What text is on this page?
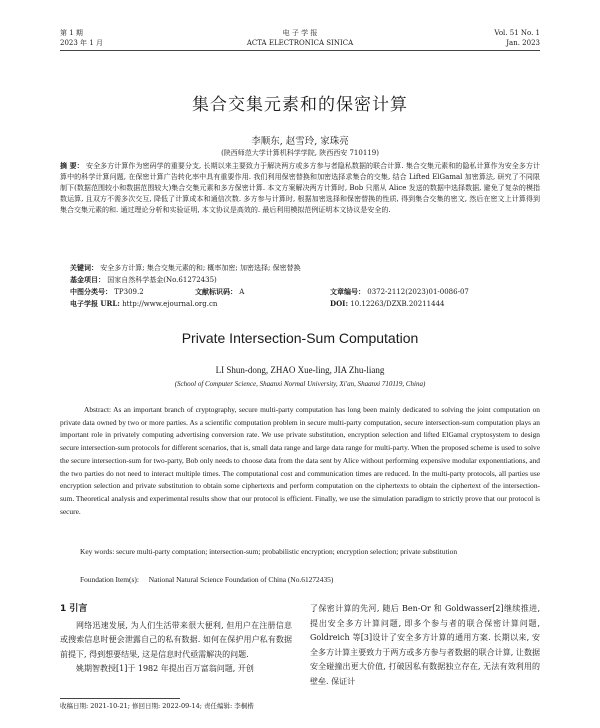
第 1 期
2023 年 1 月
电 子 学 报
ACTA ELECTRONICA SINICA
Vol. 51 No. 1
Jan. 2023
集合交集元素和的保密计算
李顺东, 赵雪玲, 家珠亮
(陕西师范大学计算机科学学院, 陕西西安 710119)

摘 要： 安全多方计算作为密码学的重要分支, 长期以来主要致力于解决两方或多方参与者隐私数据的联合计算. 集合交集元素和的隐私计算作为安全多方计算中的科学计算问题, 在保密计算广告转化率中具有重要作用. 我们利用保密替换和加密选择求集合的交集, 结合 Lifted ElGamal 加密算法, 研究了不同限制下(数据范围较小和数据范围较大)集合交集元素和多方保密计算. 本文方案解决两方计算时, Bob 只需从 Alice 发送的数据中选择数据, 避免了复杂的模指数运算, 且双方不需多次交互, 降低了计算成本和通信次数. 多方参与计算时, 根据加密选择和保密替换的性质, 得到集合交集的密文, 然后在密文上计算得到集合交集元素的和. 通过理论分析和实验证明, 本文协议是高效的. 最后利用模拟范例证明本文协议是安全的.

关键词： 安全多方计算; 集合交集元素的和; 概率加密; 加密选择; 保密替换
基金项目： 国家自然科学基金(No.61272435)
中图分类号： TP309.2	文献标识码： A	文章编号： 0372-2112(2023)01-0086-07
电子学报 URL: http://www.ejournal.org.cn	DOI: 10.12263/DZXB.20211444
Private Intersection-Sum Computation
LI Shun-dong, ZHAO Xue-ling, JIA Zhu-liang
(School of Computer Science, Shaanxi Normal University, Xi'an, Shaanxi 710119, China)

Abstract: As an important branch of cryptography, secure multi-party computation has long been mainly dedicated to solving the joint computation on private data owned by two or more parties. As a scientific computation problem in secure multi-party computation, secure intersection-sum computation plays an important role in privately computing advertising conversion rate. We use private substitution, encryption selection and lifted ElGamal cryptosystem to design secure intersection-sum protocols for different scenarios, that is, small data range and large data range for multi-party. When the proposed scheme is used to solve the secure intersection-sum for two-party, Bob only needs to choose data from the data sent by Alice without performing expensive modular exponentiations, and the two parties do not need to interact multiple times. The computational cost and communication times are reduced. In the multi-party protocols, all parties use encryption selection and private substitution to obtain some ciphertexts and perform computation on the ciphertexts to obtain the ciphertext of the intersection-sum. Theoretical analysis and experimental results show that our protocol is efficient. Finally, we use the simulation paradigm to strictly prove that our protocol is secure.

Key words: secure multi-party comptation; intersection-sum; probabilistic encryption; encryption selection; private substitution

Foundation Item(s): National Natural Science Foundation of China (No.61272435)
1 引言

网络迅速发展, 为人们生活带来很大便利, 但用户在注册信息或搜索信息时便会泄露自己的私有数据. 如何在保护用户私有数据前提下, 得到想要结果, 这是信息时代亟需解决的问题.

姚期智教授[1]于 1982 年提出百万富翁问题, 开创

了保密计算的先河, 随后 Ben-Or 和 Goldwasser[2]继续推进, 提出安全多方计算问题, 即多个参与者的联合保密计算问题, Goldreich 等[3]设计了安全多方计算的通用方案. 长期以来, 安全多方计算主要致力于两方或多方参与者数据的联合计算, 让数据安全碰撞出更大价值, 打破因私有数据独立存在, 无法有效利用的壁垒. 保证计

收稿日期: 2021-10-21; 修回日期: 2022-09-14; 责任编辑: 李桐楷
